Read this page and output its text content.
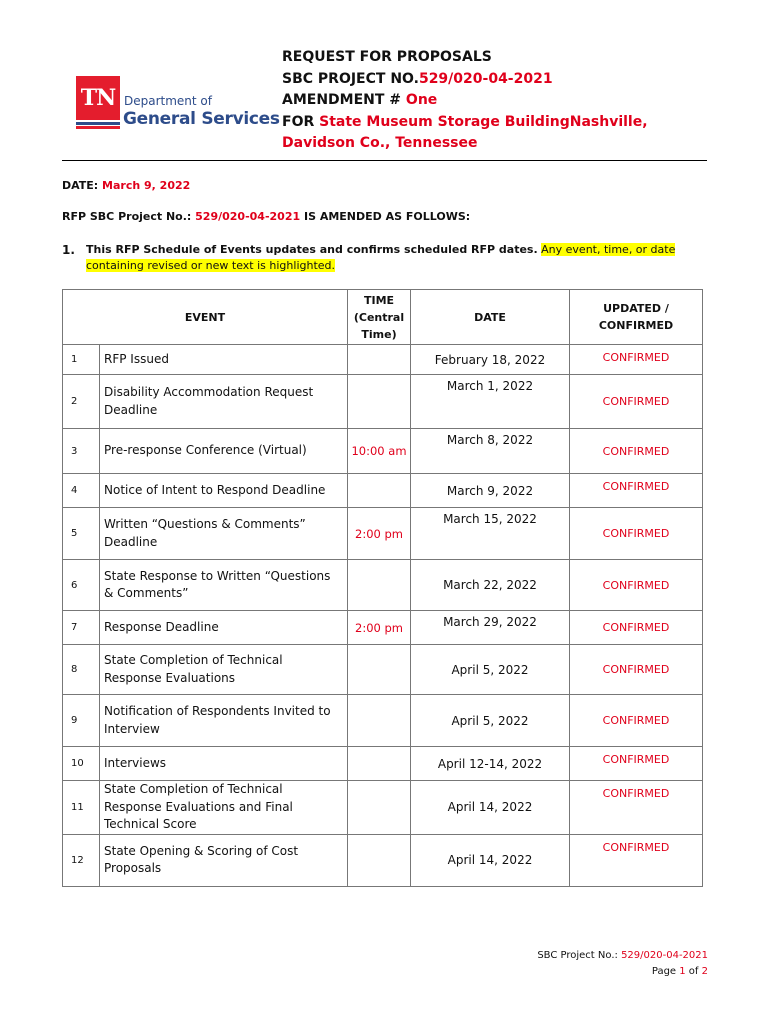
TN Department of
General Services
REQUEST FOR PROPOSALS
SBC PROJECT NO.529/020-04-2021
AMENDMENT # One
FOR State Museum Storage BuildingNashville,
Davidson Co., Tennessee
DATE: March 9, 2022
RFP SBC Project No.: 529/020-04-2021 IS AMENDED AS FOLLOWS:
1. This RFP Schedule of Events updates and confirms scheduled RFP dates. Any event, time, or date containing revised or new text is highlighted.
EVENT		TIME (Central Time)	DATE	UPDATED / CONFIRMED
1	RFP Issued		February 18, 2022	CONFIRMED
2	Disability Accommodation Request Deadline		March 1, 2022	CONFIRMED
3	Pre-response Conference (Virtual)	10:00 am	March 8, 2022	CONFIRMED
4	Notice of Intent to Respond Deadline		March 9, 2022	CONFIRMED
5	Written “Questions & Comments” Deadline	2:00 pm	March 15, 2022	CONFIRMED
6	State Response to Written “Questions & Comments”		March 22, 2022	CONFIRMED
7	Response Deadline	2:00 pm	March 29, 2022	CONFIRMED
8	State Completion of Technical Response Evaluations		April 5, 2022	CONFIRMED
9	Notification of Respondents Invited to Interview		April 5, 2022	CONFIRMED
10	Interviews		April 12-14, 2022	CONFIRMED
11	State Completion of Technical Response Evaluations and Final Technical Score		April 14, 2022	CONFIRMED
12	State Opening & Scoring of Cost Proposals		April 14, 2022	CONFIRMED
SBC Project No.: 529/020-04-2021
Page 1 of 2
